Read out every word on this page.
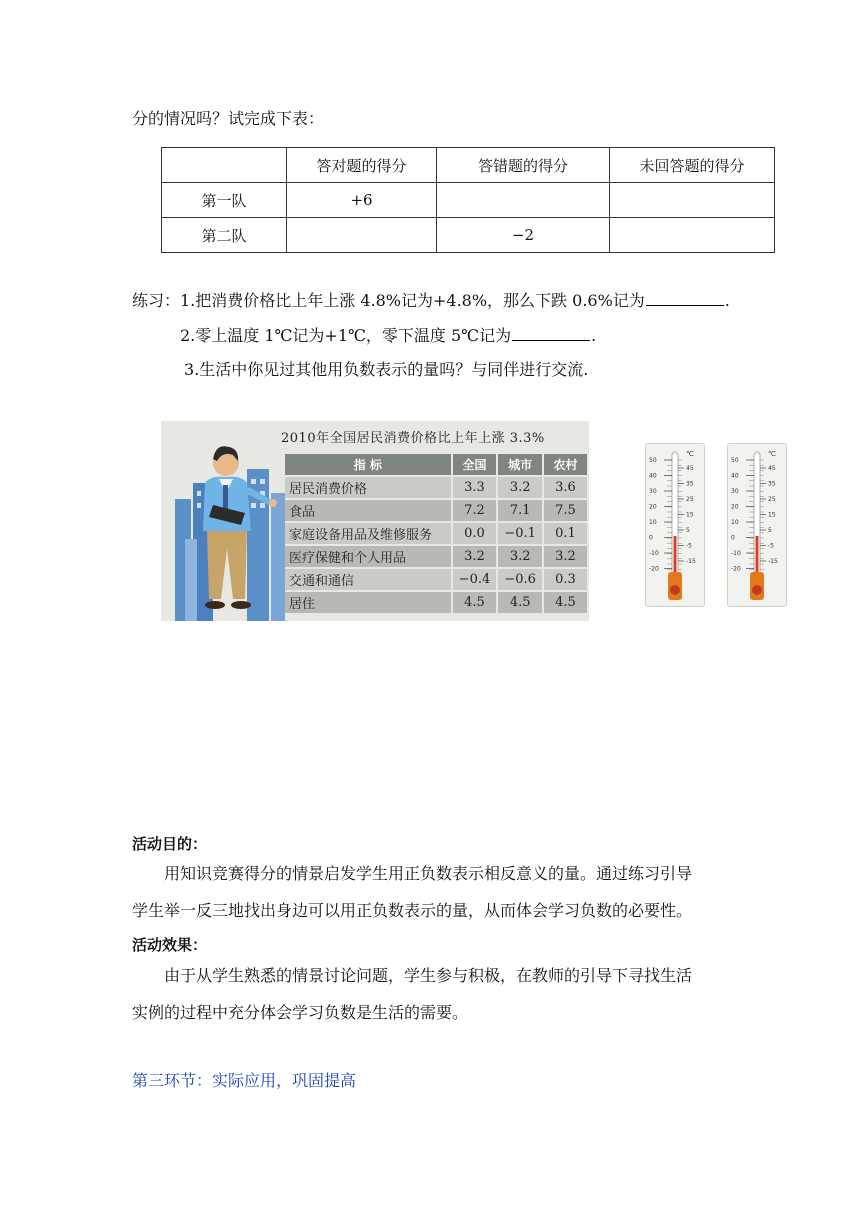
分的情况吗？试完成下表：
	答对题的得分	答错题的得分	未回答题的得分
第一队	+6		
第二队		−2	
练习：1.把消费价格比上年上涨 4.8%记为+4.8%，那么下跌 0.6%记为	.
2.零上温度 1℃记为+1℃，零下温度 5℃记为	.
3.生活中你见过其他用负数表示的量吗？与同伴进行交流.
2010年全国居民消费价格比上年上涨 3.3%
指 标	全国	城市	农村
居民消费价格	3.3	3.2	3.6
食品	7.2	7.1	7.5
家庭设备用品及维修服务	0.0	−0.1	0.1
医疗保健和个人用品	3.2	3.2	3.2
交通和通信	−0.4	−0.6	0.3
居住	4.5	4.5	4.5
℃
50
40
30
20
10
0
-10
-20
45
35
25
15
5
-5
-15
℃
50
40
30
20
10
0
-10
-20
45
35
25
15
5
-5
-15
活动目的：
用知识竞赛得分的情景启发学生用正负数表示相反意义的量。通过练习引导
学生举一反三地找出身边可以用正负数表示的量，从而体会学习负数的必要性。
活动效果：
由于从学生熟悉的情景讨论问题，学生参与积极，在教师的引导下寻找生活
实例的过程中充分体会学习负数是生活的需要。
第三环节：实际应用，巩固提高
